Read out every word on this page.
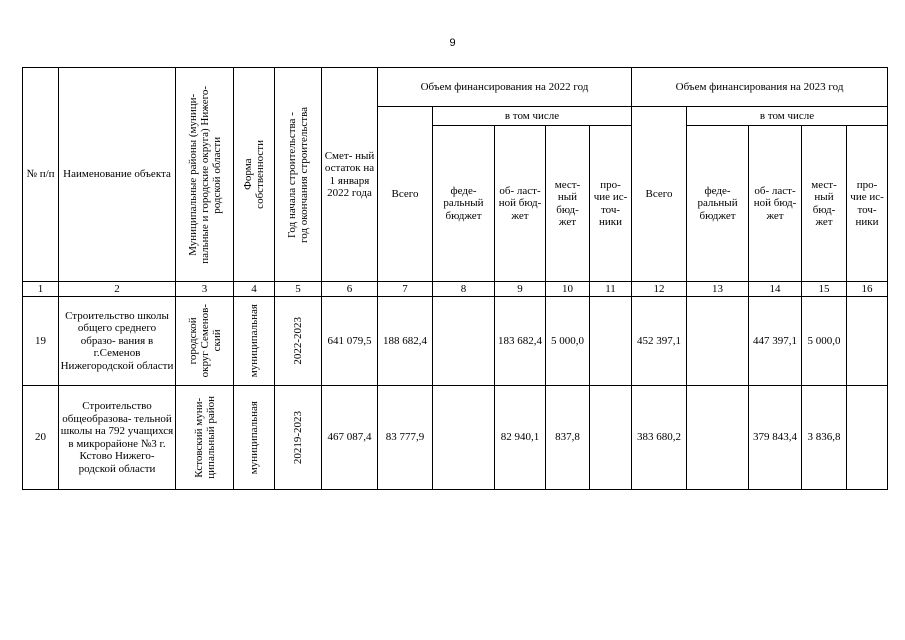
9
№ п/п	Наименование объекта	Муниципальные районы (муници-
пальные и городские округа) Нижего-
родской области	Форма
собственности	Год начала строительства -
год окончания строительства	Смет- ный остаток на 1 января 2022 года	Объем финансирования на 2022 год					Объем финансирования на 2023 год				
						Всего	в том числе				Всего	в том числе			
							феде- ральный бюджет	об- ласт- ной бюд- жет	мест- ный бюд- жет	про- чие ис- точ- ники		феде- ральный бюджет	об- ласт- ной бюд- жет	мест- ный бюд- жет	про- чие ис- точ- ники
1	2	3	4	5	6	7	8	9	10	11	12	13	14	15	16
19	Строительство школы общего среднего образо- вания в г.Семенов Нижегородской области	городской
округ Семенов-
ский	муниципальная	2022-2023	641 079,5	188 682,4		183 682,4	5 000,0		452 397,1		447 397,1	5 000,0	
20	Строительство общеобразова- тельной школы на 792 учащихся в микрорайоне №3 г. Кстово Нижего- родской области	Кстовский муни-
ципальный район	муниципальная	20219-2023	467 087,4	83 777,9		82 940,1	837,8		383 680,2		379 843,4	3 836,8	
